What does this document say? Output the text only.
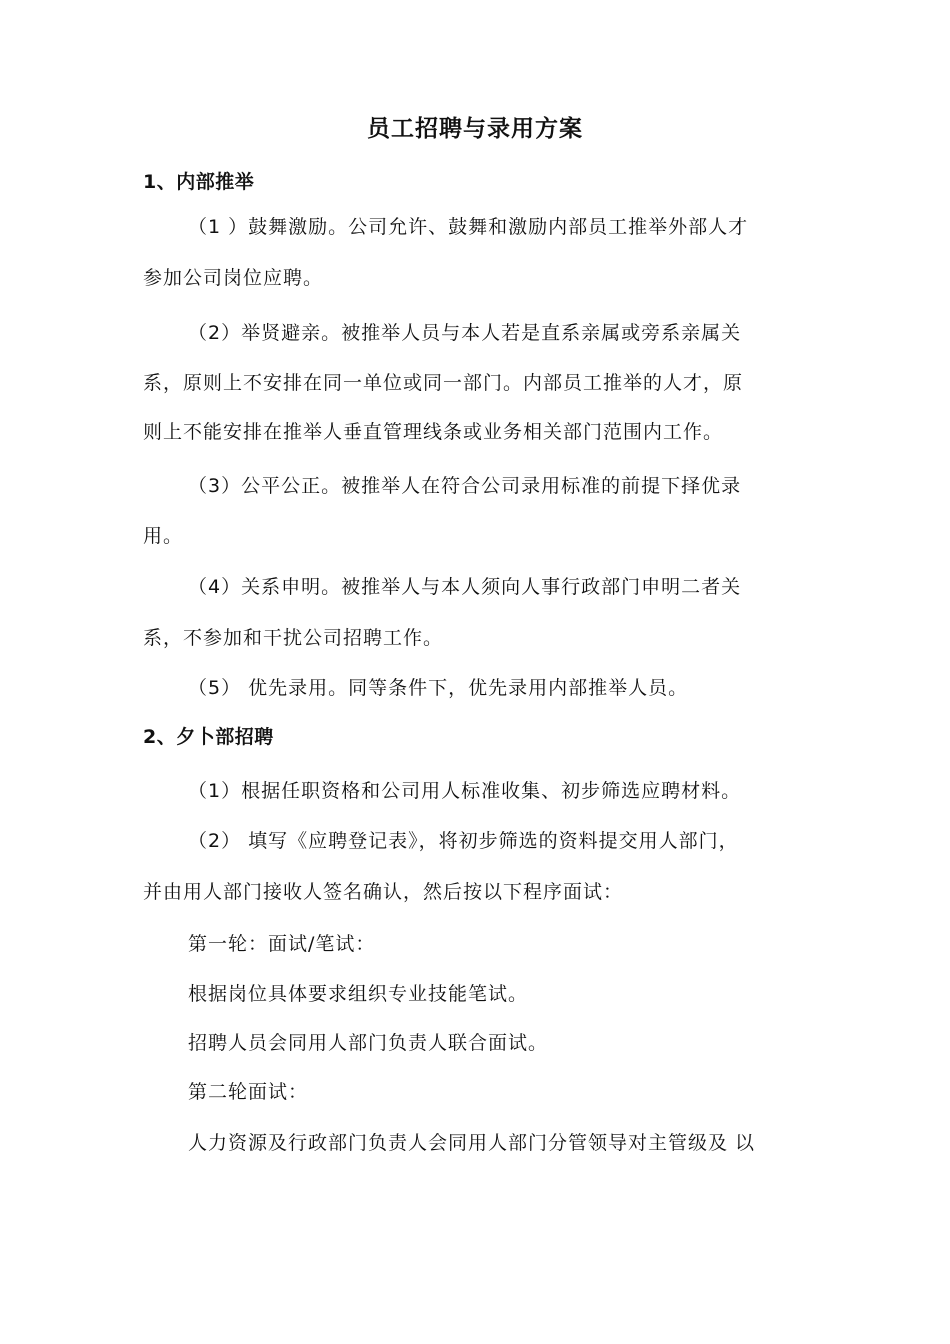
员工招聘与录用方案
1、内部推举
（1 ）鼓舞激励。公司允许、鼓舞和激励内部员工推举外部人才
参加公司岗位应聘。
（2）举贤避亲。被推举人员与本人若是直系亲属或旁系亲属关
系，原则上不安排在同一单位或同一部门。内部员工推举的人才，原
则上不能安排在推举人垂直管理线条或业务相关部门范围内工作。
（3）公平公正。被推举人在符合公司录用标准的前提下择优录
用。
（4）关系申明。被推举人与本人须向人事行政部门申明二者关
系，不参加和干扰公司招聘工作。
（5） 优先录用。同等条件下，优先录用内部推举人员。
2、夕卜部招聘
（1）根据任职资格和公司用人标准收集、初步筛选应聘材料。
（2） 填写《应聘登记表》，将初步筛选的资料提交用人部门，
并由用人部门接收人签名确认，然后按以下程序面试：
第一轮：面试/笔试：
根据岗位具体要求组织专业技能笔试。
招聘人员会同用人部门负责人联合面试。
第二轮面试：
人力资源及行政部门负责人会同用人部门分管领导对主管级及 以
